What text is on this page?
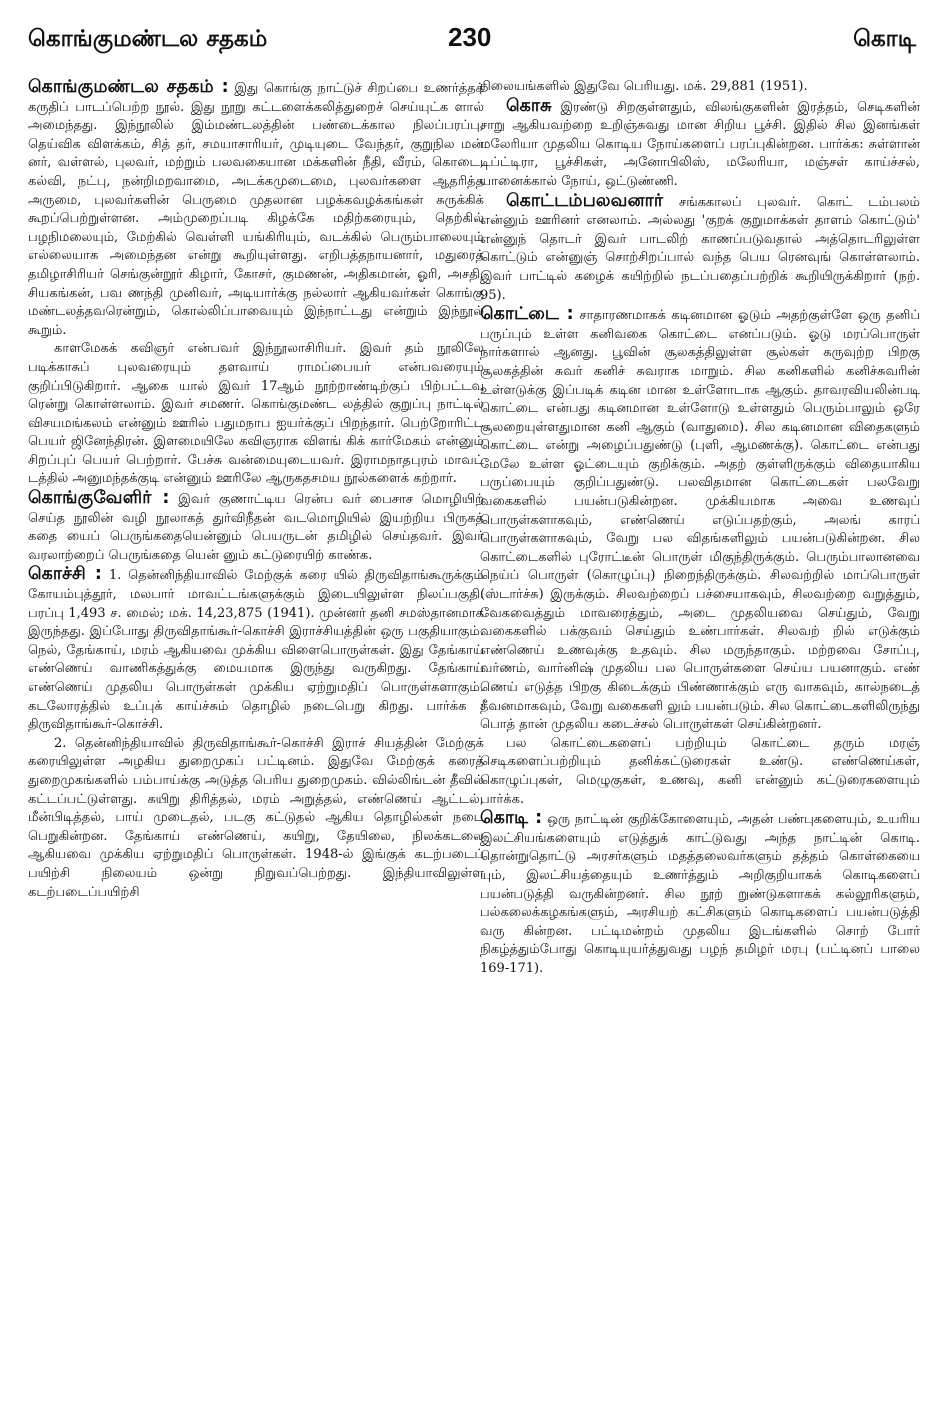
கொங்குமண்டல சதகம்	230	கொடி

கொங்குமண்டல சதகம் : இது கொங்கு நாட்டுச் சிறப்பை உணர்த்தக் கருதிப் பாடப்பெற்ற நூல். இது நூறு கட்டளைக்கலித்துறைச் செய்யுட்க ளால் அமைந்தது. இந்நூலில் இம்மண்டலத்தின் பண்டைக்கால நிலப்பரப்பு, தெய்விக விளக்கம், சித் தர், சமயாசாரியர், முடியுடை வேந்தர், குறுநில மன் னர், வள்ளல், புலவர், மற்றும் பலவகையான மக்களின் நீதி, வீரம், கொடை, கல்வி, நட்பு, நன்றிமறவாமை, அடக்கமுடைமை, புலவர்களை ஆதரித்த அருமை, புலவர்களின் பெருமை முதலான பழக்கவழக்கங்கள் சுருக்கிக் கூறப்பெற்றுள்ளன. அம்முறைப்படி கிழக்கே மதிற்கரையும், தெற்கில் பழநிமலையும், மேற்கில் வெள்ளி யங்கிரியும், வடக்கில் பெரும்பாலையும் எல்லையாக அமைந்தன என்று கூறியுள்ளது. எறிபத்தநாயனார், மதுரைத் தமிழாசிரியர் செங்குன்றூர் கிழார், கோசர், குமணன், அதிகமான், ஓரி, அசதி, சியகங்கன், பவ ணந்தி முனிவர், அடியார்க்கு நல்லார் ஆகியவர்கள் கொங்கு மண்டலத்தவரென்றும், கொல்லிப்பாவையும் இந்நாட்டது என்றும் இந்நூல் கூறும்.

காளமேகக் கவிஞர் என்பவர் இந்நூலாசிரியர். இவர் தம் நூலிலே படிக்காசுப் புலவரையும் தளவாய் ராமப்பையர் என்பவரையும் குறிப்பிடுகிறார். ஆகை யால் இவர் 17ஆம் நூற்றாண்டிற்குப் பிற்பட்டவ ரென்று கொள்ளலாம். இவர் சமணர். கொங்குமண்ட லத்தில் குறுப்பு நாட்டில் விசயமங்கலம் என்னும் ஊரில் பதுமநாப ஐயர்க்குப் பிறந்தார். பெற்றோரிட்ட பெயர் ஜினேந்திரன். இளமையிலே கவிஞராக விளங் கிக் கார்மேகம் என்னும் சிறப்புப் பெயர் பெற்றார். பேச்சு வன்மையுடையவர். இராமநாதபுரம் மாவட் டத்தில் அனுமந்தக்குடி என்னும் ஊரிலே ஆருகதசமய நூல்களைக் கற்றார்.

கொங்குவேளிர் : இவர் குணாட்டிய ரென்ப வர் பைசாச மொழியிற் செய்த நூலின் வழி நூலாகத் துர்விநீதன் வடமொழியில் இயற்றிய பிருகத் கதை யைப் பெருங்கதையென்னும் பெயருடன் தமிழில் செய்தவர். இவர் வரலாற்றைப் பெருங்கதை யென் னும் கட்டுரையிற் காண்க.

கொச்சி : 1. தென்னிந்தியாவில் மேற்குக் கரை யில் திருவிதாங்கூருக்கும் கோயம்புத்தூர், மலபார் மாவட்டங்களுக்கும் இடையிலுள்ள நிலப்பகுதி. பரப்பு 1,493 ச. மைல்; மக். 14,23,875 (1941). முன்னர் தனி சமஸ்தானமாக இருந்தது. இப்போது திருவிதாங்கூர்-கொச்சி இராச்சியத்தின் ஒரு பகுதியாகும். நெல், தேங்காய், மரம் ஆகியவை முக்கிய விளைபொருள்கள். இது தேங்காய் எண்ணெய் வாணிகத்துக்கு மையமாக இருந்து வருகிறது. தேங்காய் எண்ணெய் முதலிய பொருள்கள் முக்கிய ஏற்றுமதிப் பொருள்களாகும். கடலோரத்தில் உப்புக் காய்ச்சும் தொழில் நடைபெறு கிறது. பார்க்க : திருவிதாங்கூர்-கொச்சி.

2. தென்னிந்தியாவில் திருவிதாங்கூர்-கொச்சி இராச் சியத்தின் மேற்குக் கரையிலுள்ள அழகிய துறைமுகப் பட்டினம். இதுவே மேற்குக் கரைத் துறைமுகங்களில் பம்பாய்க்கு அடுத்த பெரிய துறைமுகம். வில்லிங்டன் தீவில் கட்டப்பட்டுள்ளது. கயிறு திரித்தல், மரம் அறுத்தல், எண்ணெய் ஆட்டல், மீன்பிடித்தல், பாய் முடைதல், படகு கட்டுதல் ஆகிய தொழில்கள் நடை பெறுகின்றன. தேங்காய் எண்ணெய், கயிறு, தேயிலை, நிலக்கடலை ஆகியவை முக்கிய ஏற்றுமதிப் பொருள்கள். 1948-ல் இங்குக் கடற்படைப் பயிற்சி நிலையம் ஒன்று நிறுவப்பெற்றது. இந்தியாவிலுள்ள கடற்படைப்பயிற்சி

நிலையங்களில் இதுவே பெரியது. மக். 29,881 (1951).

கொசு இரண்டு சிறகுள்ளதும், விலங்குகளின் இரத்தம், செடிகளின் சாறு ஆகியவற்றை உறிஞ்சுவது மான சிறிய பூச்சி. இதில் சில இனங்கள் மலேரியா முதலிய கொடிய நோய்களைப் பரப்புகின்றன. பார்க்க: சுள்ளான் டிப்ட்டிரா, பூச்சிகள், அனோபிலிஸ், மலேரியா, மஞ்சள் காய்ச்சல், யானைக்கால் நோய், ஒட்டுண்ணி.

கொட்டம்பலவனார் சங்ககாலப் புலவர். கொட் டம்பலம் என்னும் ஊரினர் எனலாம். அல்லது 'குறக் குறுமாக்கள் தாளம் கொட்டும்' என்னுந் தொடர் இவர் பாடலிற் காணப்படுவதால் அத்தொடரிலுள்ள கொட்டும் என்னுஞ் சொற்சிறப்பால் வந்த பெய ரெனவுங் கொள்ளலாம். இவர் பாட்டில் கழைக் கயிற்றில் நடப்பதைப்பற்றிக் கூறியிருக்கிறார் (நற். 95).

கொட்டை : சாதாரணமாகக் கடினமான ஓடும் அதற்குள்ளே ஒரு தனிப் பருப்பும் உள்ள கனிவகை கொட்டை எனப்படும். ஓடு மரப்பொருள் நார்களால் ஆனது. பூவின் சூலகத்திலுள்ள சூல்கள் கருவுற்ற பிறகு சூலகத்தின் சுவர் கனிச் சுவராக மாறும். சில கனிகளில் கனிச்சுவரின் உள்ளடுக்கு இப்படிக் கடின மான உள்ளோடாக ஆகும். தாவரவியலின்படி கொட்டை என்பது கடினமான உள்ளோடு உள்ளதும் பெரும்பாலும் ஒரே சூலறையுள்ளதுமான கனி ஆகும் (வாதுமை). சில கடினமான விதைகளும் கொட்டை என்று அழைப்பதுண்டு (புளி, ஆமணக்கு). கொட்டை என்பது மேலே உள்ள ஓட்டையும் குறிக்கும். அதற் குள்ளிருக்கும் விதையாகிய பருப்பையும் குறிப்பதுண்டு. பலவிதமான கொட்டைகள் பலவேறு வகைகளில் பயன்படுகின்றன. முக்கியமாக அவை உணவுப் பொருள்களாகவும், எண்ணெய் எடுப்பதற்கும், அலங் காரப் பொருள்களாகவும், வேறு பல விதங்களிலும் பயன்படுகின்றன. சில கொட்டைகளில் புரோட்டீன் பொருள் மிகுந்திருக்கும். பெரும்பாலானவை நெய்ப் பொருள் (கொழுப்பு) நிறைந்திருக்கும். சிலவற்றில் மாப்பொருள் (ஸ்டார்ச்சு) இருக்கும். சிலவற்றைப் பச்சையாகவும், சிலவற்றை வறுத்தும், வேகவைத்தும் மாவரைத்தும், அடை முதலியவை செய்தும், வேறு வகைகளில் பக்குவம் செய்தும் உண்பார்கள். சிலவற் றில் எடுக்கும் எண்ணெய் உணவுக்கு உதவும். சில மருந்தாகும். மற்றவை சோப்பு, வர்ணம், வார்னிஷ் முதலிய பல பொருள்களை செய்ய பயனாகும். எண் ணெய் எடுத்த பிறகு கிடைக்கும் பிண்ணாக்கும் எரு வாகவும், கால்நடைத் தீவனமாகவும், வேறு வகைகளி லும் பயன்படும். சில கொட்டைகளிலிருந்து பொத் தான் முதலிய கடைச்சல் பொருள்கள் செய்கின்றனர்.

பல கொட்டைகளைப் பற்றியும் கொட்டை தரும் மரஞ் செடிகளைப்பற்றியும் தனிக்கட்டுரைகள் உண்டு. எண்ணெய்கள், கொழுப்புகள், மெழுகுகள், உணவு, கனி என்னும் கட்டுரைகளையும் பார்க்க.

கொடி : ஒரு நாட்டின் குறிக்கோளையும், அதன் பண்புகளையும், உயரிய இலட்சியங்களையும் எடுத்துக் காட்டுவது அந்த நாட்டின் கொடி. தொன்றுதொட்டு அரசர்களும் மதத்தலைவர்களும் தத்தம் கொள்கையை யும், இலட்சியத்தையும் உணர்த்தும் அறிகுறியாகக் கொடிகளைப் பயன்படுத்தி வருகின்றனர். சில நூற் றுண்டுகளாகக் கல்லூரிகளும், பல்கலைக்கழகங்களும், அரசியற் கட்சிகளும் கொடிகளைப் பயன்படுத்தி வரு கின்றன. பட்டிமன்றம் முதலிய இடங்களில் சொற் போர் நிகழ்த்தும்போது கொடியுயர்த்துவது பழந் தமிழர் மரபு (பட்டினப் பாலை 169-171).
